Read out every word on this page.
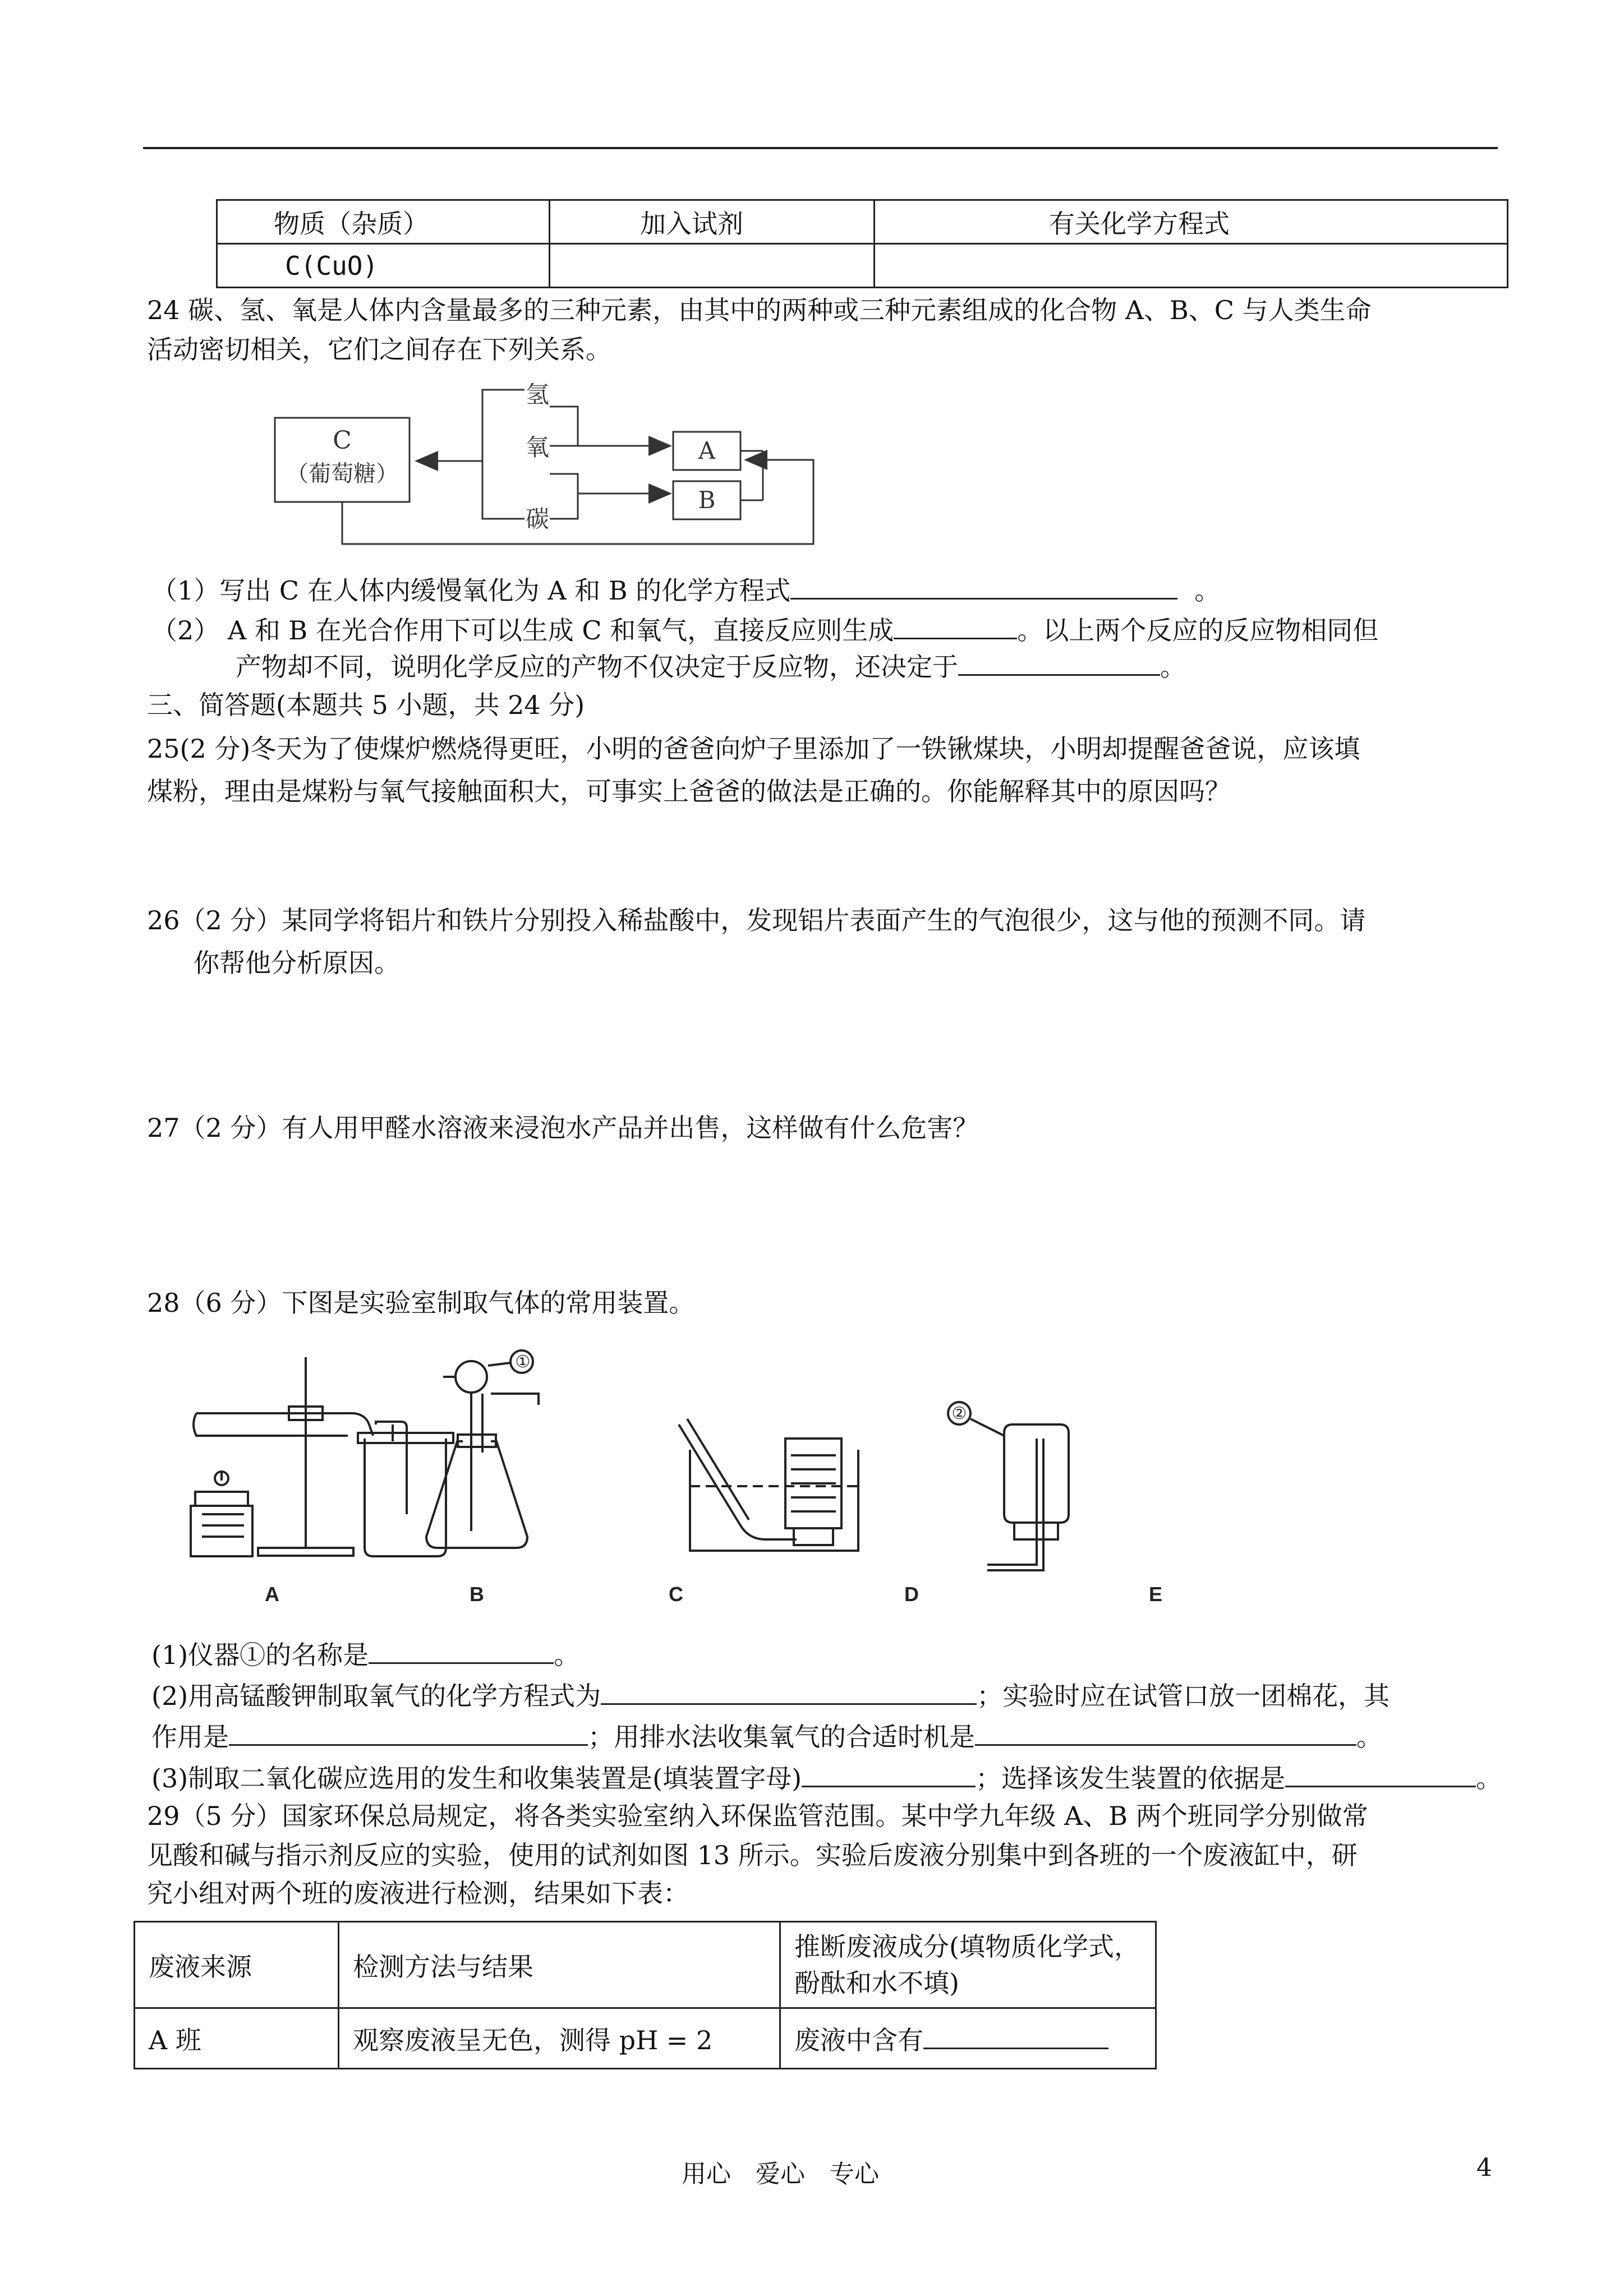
物质（杂质）	加入试剂	有关化学方程式
C(CuO)		
24 碳、氢、氧是人体内含量最多的三种元素，由其中的两种或三种元素组成的化合物 A、B、C 与人类生命
活动密切相关，它们之间存在下列关系。
C
（葡萄糖）
氢
氧
碳
A
B
（1）写出 C 在人体内缓慢氧化为 A 和 B 的化学方程式	。
（2） A 和 B 在光合作用下可以生成 C 和氧气，直接反应则生成	。以上两个反应的反应物相同但
产物却不同，说明化学反应的产物不仅决定于反应物，还决定于	。
三、简答题(本题共 5 小题，共 24 分)
25(2 分)冬天为了使煤炉燃烧得更旺，小明的爸爸向炉子里添加了一铁锹煤块，小明却提醒爸爸说，应该填
煤粉，理由是煤粉与氧气接触面积大，可事实上爸爸的做法是正确的。你能解释其中的原因吗？
26（2 分）某同学将铝片和铁片分别投入稀盐酸中，发现铝片表面产生的气泡很少，这与他的预测不同。请
你帮他分析原因。
27（2 分）有人用甲醛水溶液来浸泡水产品并出售，这样做有什么危害？
28（6 分）下图是实验室制取气体的常用装置。
①
②
A	B	C	D	E
(1)仪器①的名称是	。
(2)用高锰酸钾制取氧气的化学方程式为	；实验时应在试管口放一团棉花，其
作用是	；用排水法收集氧气的合适时机是	。
(3)制取二氧化碳应选用的发生和收集装置是(填装置字母)	；选择该发生装置的依据是	。
29（5 分）国家环保总局规定，将各类实验室纳入环保监管范围。某中学九年级 A、B 两个班同学分别做常
见酸和碱与指示剂反应的实验，使用的试剂如图 13 所示。实验后废液分别集中到各班的一个废液缸中，研
究小组对两个班的废液进行检测，结果如下表：
废液来源	检测方法与结果	推断废液成分(填物质化学式，
酚酞和水不填)

A 班	观察废液呈无色，测得 pH = 2	废液中含有
用心　爱心　专心	4
